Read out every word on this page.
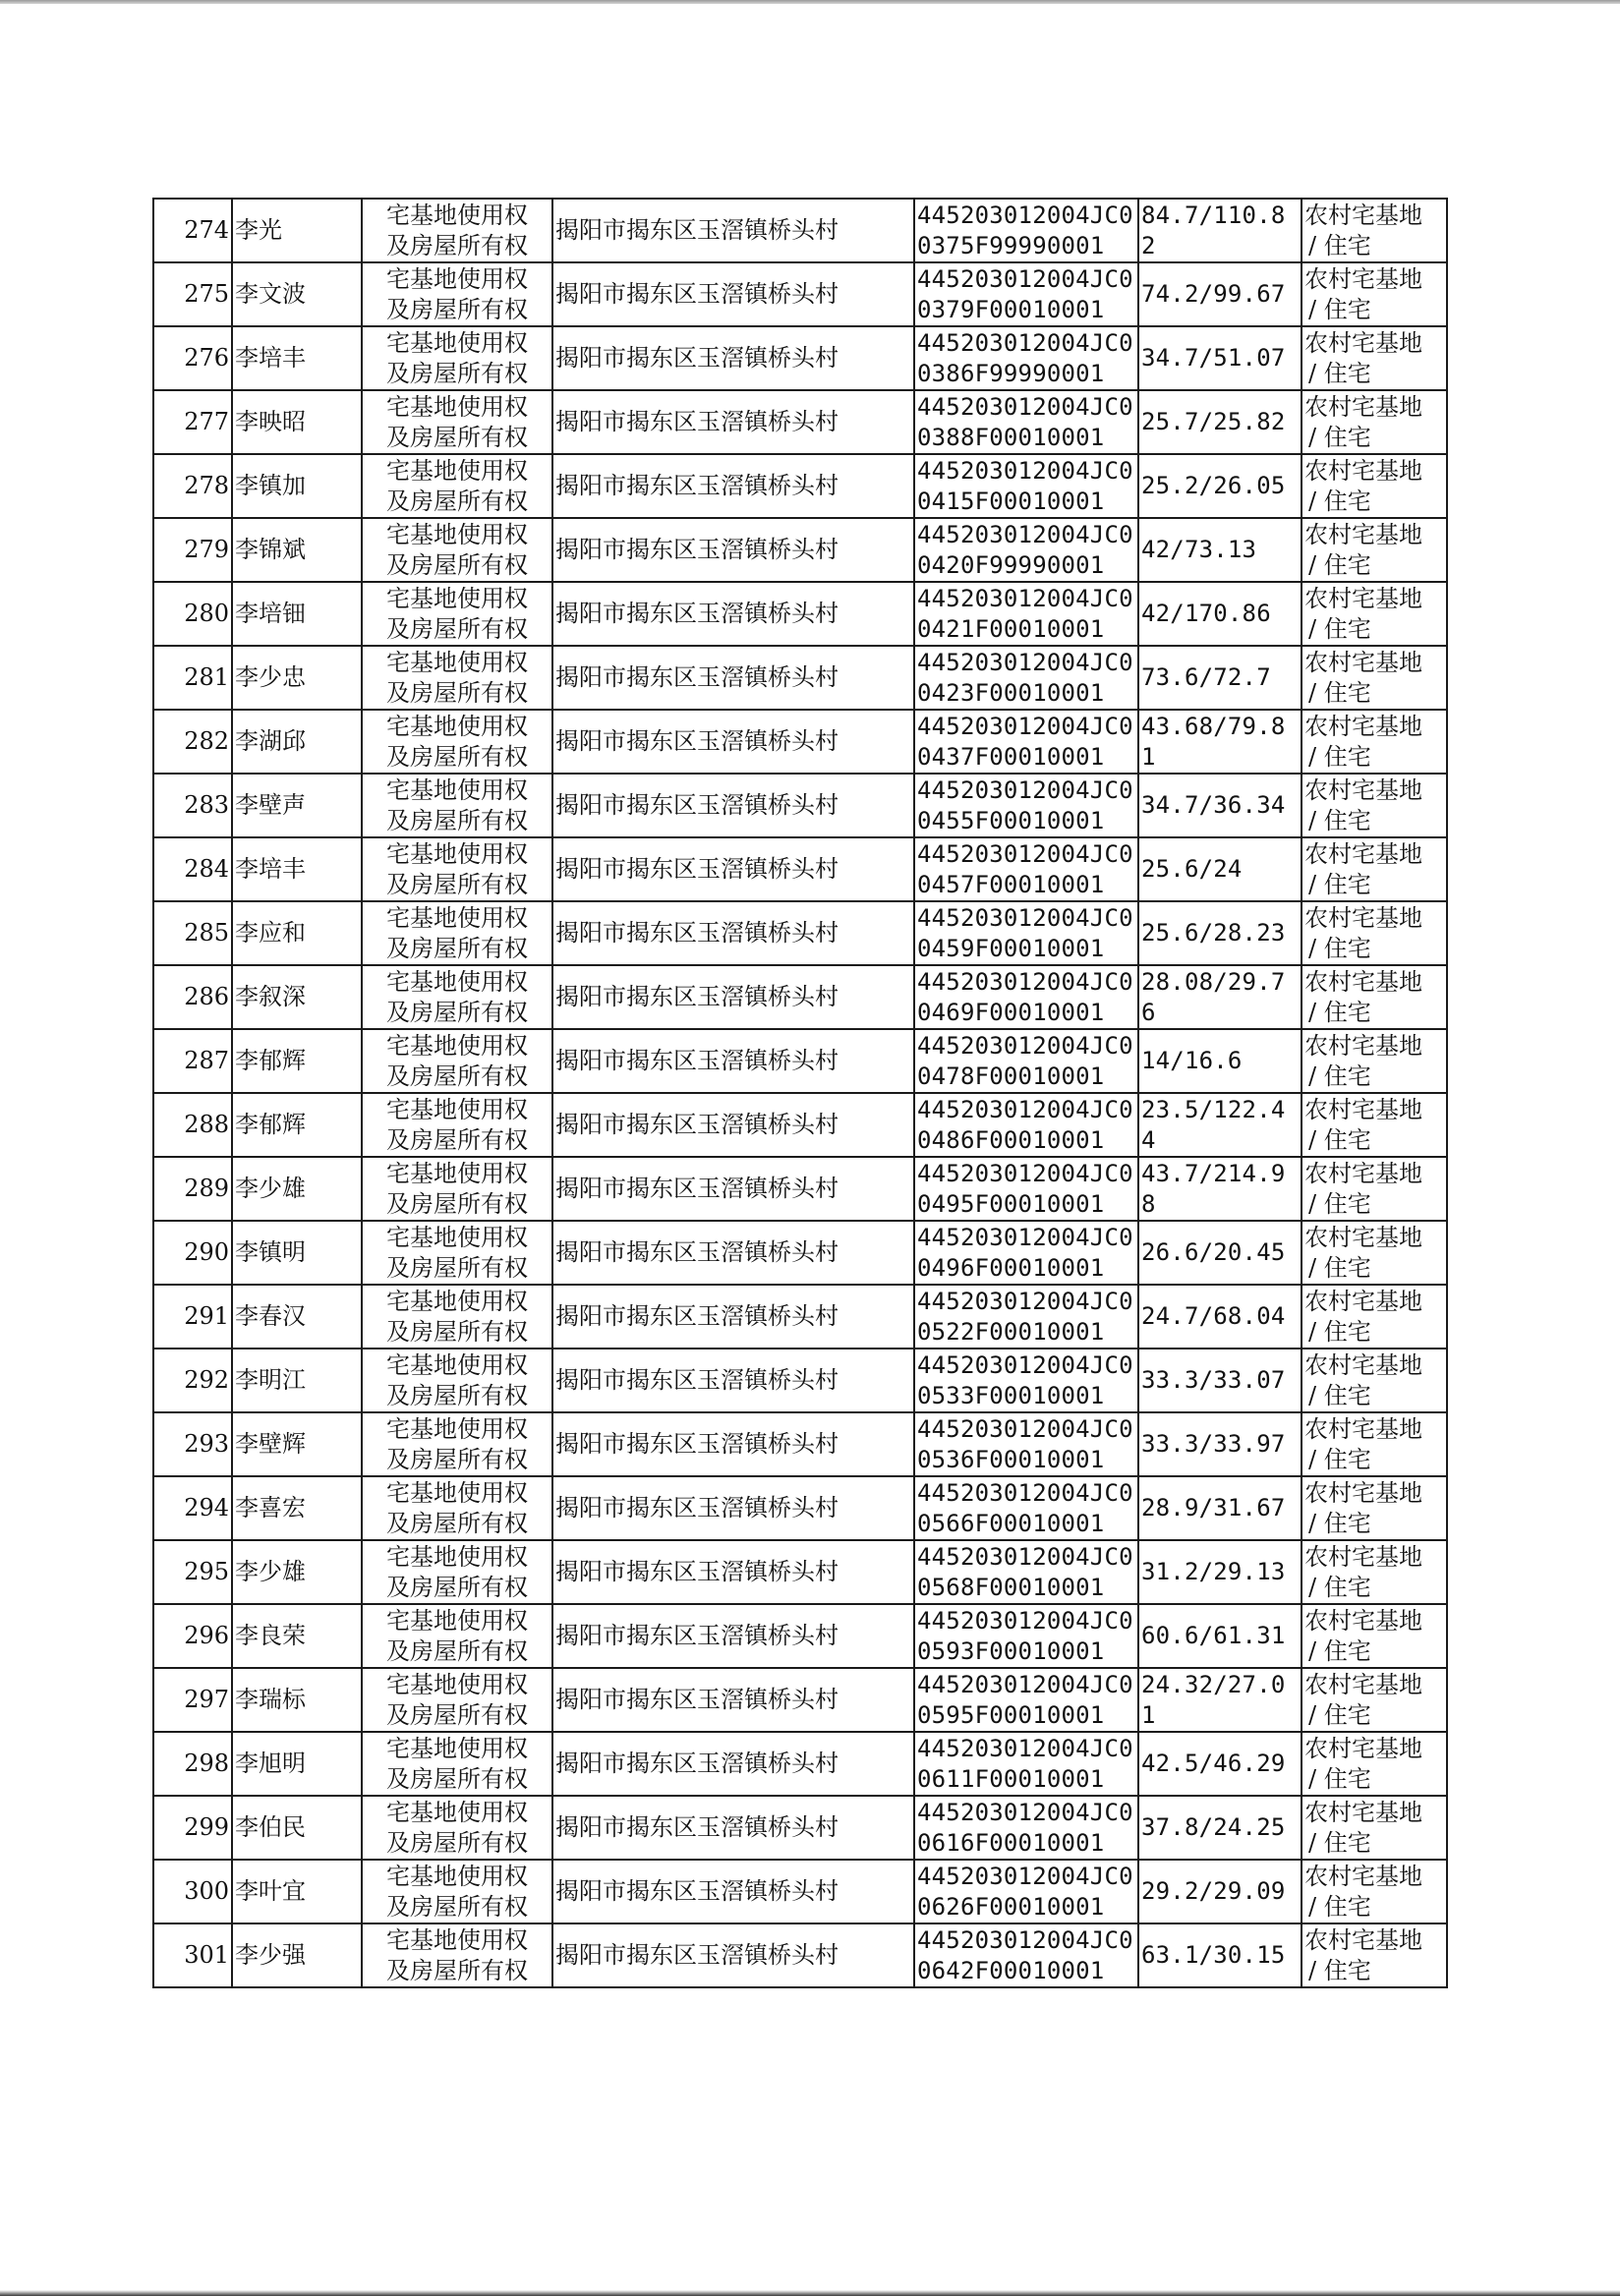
274	李光	宅基地使用权
及房屋所有权	揭阳市揭东区玉滘镇桥头村	445203012004JC00375F99990001	84.7/110.82	农村宅基地
/ 住宅

275	李文波	宅基地使用权
及房屋所有权	揭阳市揭东区玉滘镇桥头村	445203012004JC00379F00010001	74.2/99.67	农村宅基地
/ 住宅

276	李培丰	宅基地使用权
及房屋所有权	揭阳市揭东区玉滘镇桥头村	445203012004JC00386F99990001	34.7/51.07	农村宅基地
/ 住宅

277	李映昭	宅基地使用权
及房屋所有权	揭阳市揭东区玉滘镇桥头村	445203012004JC00388F00010001	25.7/25.82	农村宅基地
/ 住宅

278	李镇加	宅基地使用权
及房屋所有权	揭阳市揭东区玉滘镇桥头村	445203012004JC00415F00010001	25.2/26.05	农村宅基地
/ 住宅

279	李锦斌	宅基地使用权
及房屋所有权	揭阳市揭东区玉滘镇桥头村	445203012004JC00420F99990001	42/73.13	农村宅基地
/ 住宅

280	李培钿	宅基地使用权
及房屋所有权	揭阳市揭东区玉滘镇桥头村	445203012004JC00421F00010001	42/170.86	农村宅基地
/ 住宅

281	李少忠	宅基地使用权
及房屋所有权	揭阳市揭东区玉滘镇桥头村	445203012004JC00423F00010001	73.6/72.7	农村宅基地
/ 住宅

282	李湖邱	宅基地使用权
及房屋所有权	揭阳市揭东区玉滘镇桥头村	445203012004JC00437F00010001	43.68/79.81	农村宅基地
/ 住宅

283	李壁声	宅基地使用权
及房屋所有权	揭阳市揭东区玉滘镇桥头村	445203012004JC00455F00010001	34.7/36.34	农村宅基地
/ 住宅

284	李培丰	宅基地使用权
及房屋所有权	揭阳市揭东区玉滘镇桥头村	445203012004JC00457F00010001	25.6/24	农村宅基地
/ 住宅

285	李应和	宅基地使用权
及房屋所有权	揭阳市揭东区玉滘镇桥头村	445203012004JC00459F00010001	25.6/28.23	农村宅基地
/ 住宅

286	李叙深	宅基地使用权
及房屋所有权	揭阳市揭东区玉滘镇桥头村	445203012004JC00469F00010001	28.08/29.76	农村宅基地
/ 住宅

287	李郁辉	宅基地使用权
及房屋所有权	揭阳市揭东区玉滘镇桥头村	445203012004JC00478F00010001	14/16.6	农村宅基地
/ 住宅

288	李郁辉	宅基地使用权
及房屋所有权	揭阳市揭东区玉滘镇桥头村	445203012004JC00486F00010001	23.5/122.44	农村宅基地
/ 住宅

289	李少雄	宅基地使用权
及房屋所有权	揭阳市揭东区玉滘镇桥头村	445203012004JC00495F00010001	43.7/214.98	农村宅基地
/ 住宅

290	李镇明	宅基地使用权
及房屋所有权	揭阳市揭东区玉滘镇桥头村	445203012004JC00496F00010001	26.6/20.45	农村宅基地
/ 住宅

291	李春汉	宅基地使用权
及房屋所有权	揭阳市揭东区玉滘镇桥头村	445203012004JC00522F00010001	24.7/68.04	农村宅基地
/ 住宅

292	李明江	宅基地使用权
及房屋所有权	揭阳市揭东区玉滘镇桥头村	445203012004JC00533F00010001	33.3/33.07	农村宅基地
/ 住宅

293	李壁辉	宅基地使用权
及房屋所有权	揭阳市揭东区玉滘镇桥头村	445203012004JC00536F00010001	33.3/33.97	农村宅基地
/ 住宅

294	李喜宏	宅基地使用权
及房屋所有权	揭阳市揭东区玉滘镇桥头村	445203012004JC00566F00010001	28.9/31.67	农村宅基地
/ 住宅

295	李少雄	宅基地使用权
及房屋所有权	揭阳市揭东区玉滘镇桥头村	445203012004JC00568F00010001	31.2/29.13	农村宅基地
/ 住宅

296	李良荣	宅基地使用权
及房屋所有权	揭阳市揭东区玉滘镇桥头村	445203012004JC00593F00010001	60.6/61.31	农村宅基地
/ 住宅

297	李瑞标	宅基地使用权
及房屋所有权	揭阳市揭东区玉滘镇桥头村	445203012004JC00595F00010001	24.32/27.01	农村宅基地
/ 住宅

298	李旭明	宅基地使用权
及房屋所有权	揭阳市揭东区玉滘镇桥头村	445203012004JC00611F00010001	42.5/46.29	农村宅基地
/ 住宅

299	李伯民	宅基地使用权
及房屋所有权	揭阳市揭东区玉滘镇桥头村	445203012004JC00616F00010001	37.8/24.25	农村宅基地
/ 住宅

300	李叶宜	宅基地使用权
及房屋所有权	揭阳市揭东区玉滘镇桥头村	445203012004JC00626F00010001	29.2/29.09	农村宅基地
/ 住宅

301	李少强	宅基地使用权
及房屋所有权	揭阳市揭东区玉滘镇桥头村	445203012004JC00642F00010001	63.1/30.15	农村宅基地
/ 住宅
